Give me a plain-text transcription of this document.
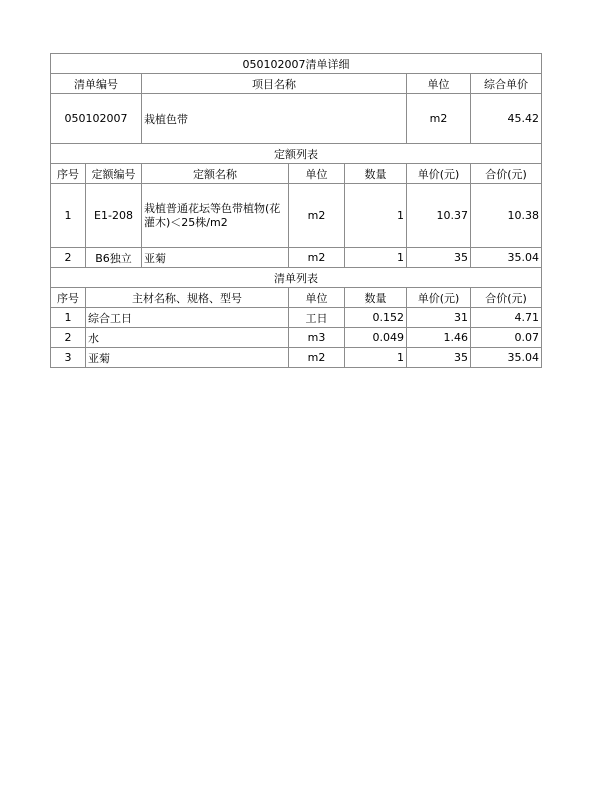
050102007清单详细						
清单编号		项目名称			单位	综合单价
050102007		栽植色带			m2	45.42
定额列表						
序号	定额编号	定额名称	单位	数量	单价(元)	合价(元)
1	E1-208	栽植普通花坛等色带植物(花灌木)＜25株/m2	m2	1	10.37	10.38
2	B6独立	亚菊	m2	1	35	35.04
清单列表						
序号	主材名称、规格、型号		单位	数量	单价(元)	合价(元)
1	综合工日		工日	0.152	31	4.71
2	水		m3	0.049	1.46	0.07
3	亚菊		m2	1	35	35.04
